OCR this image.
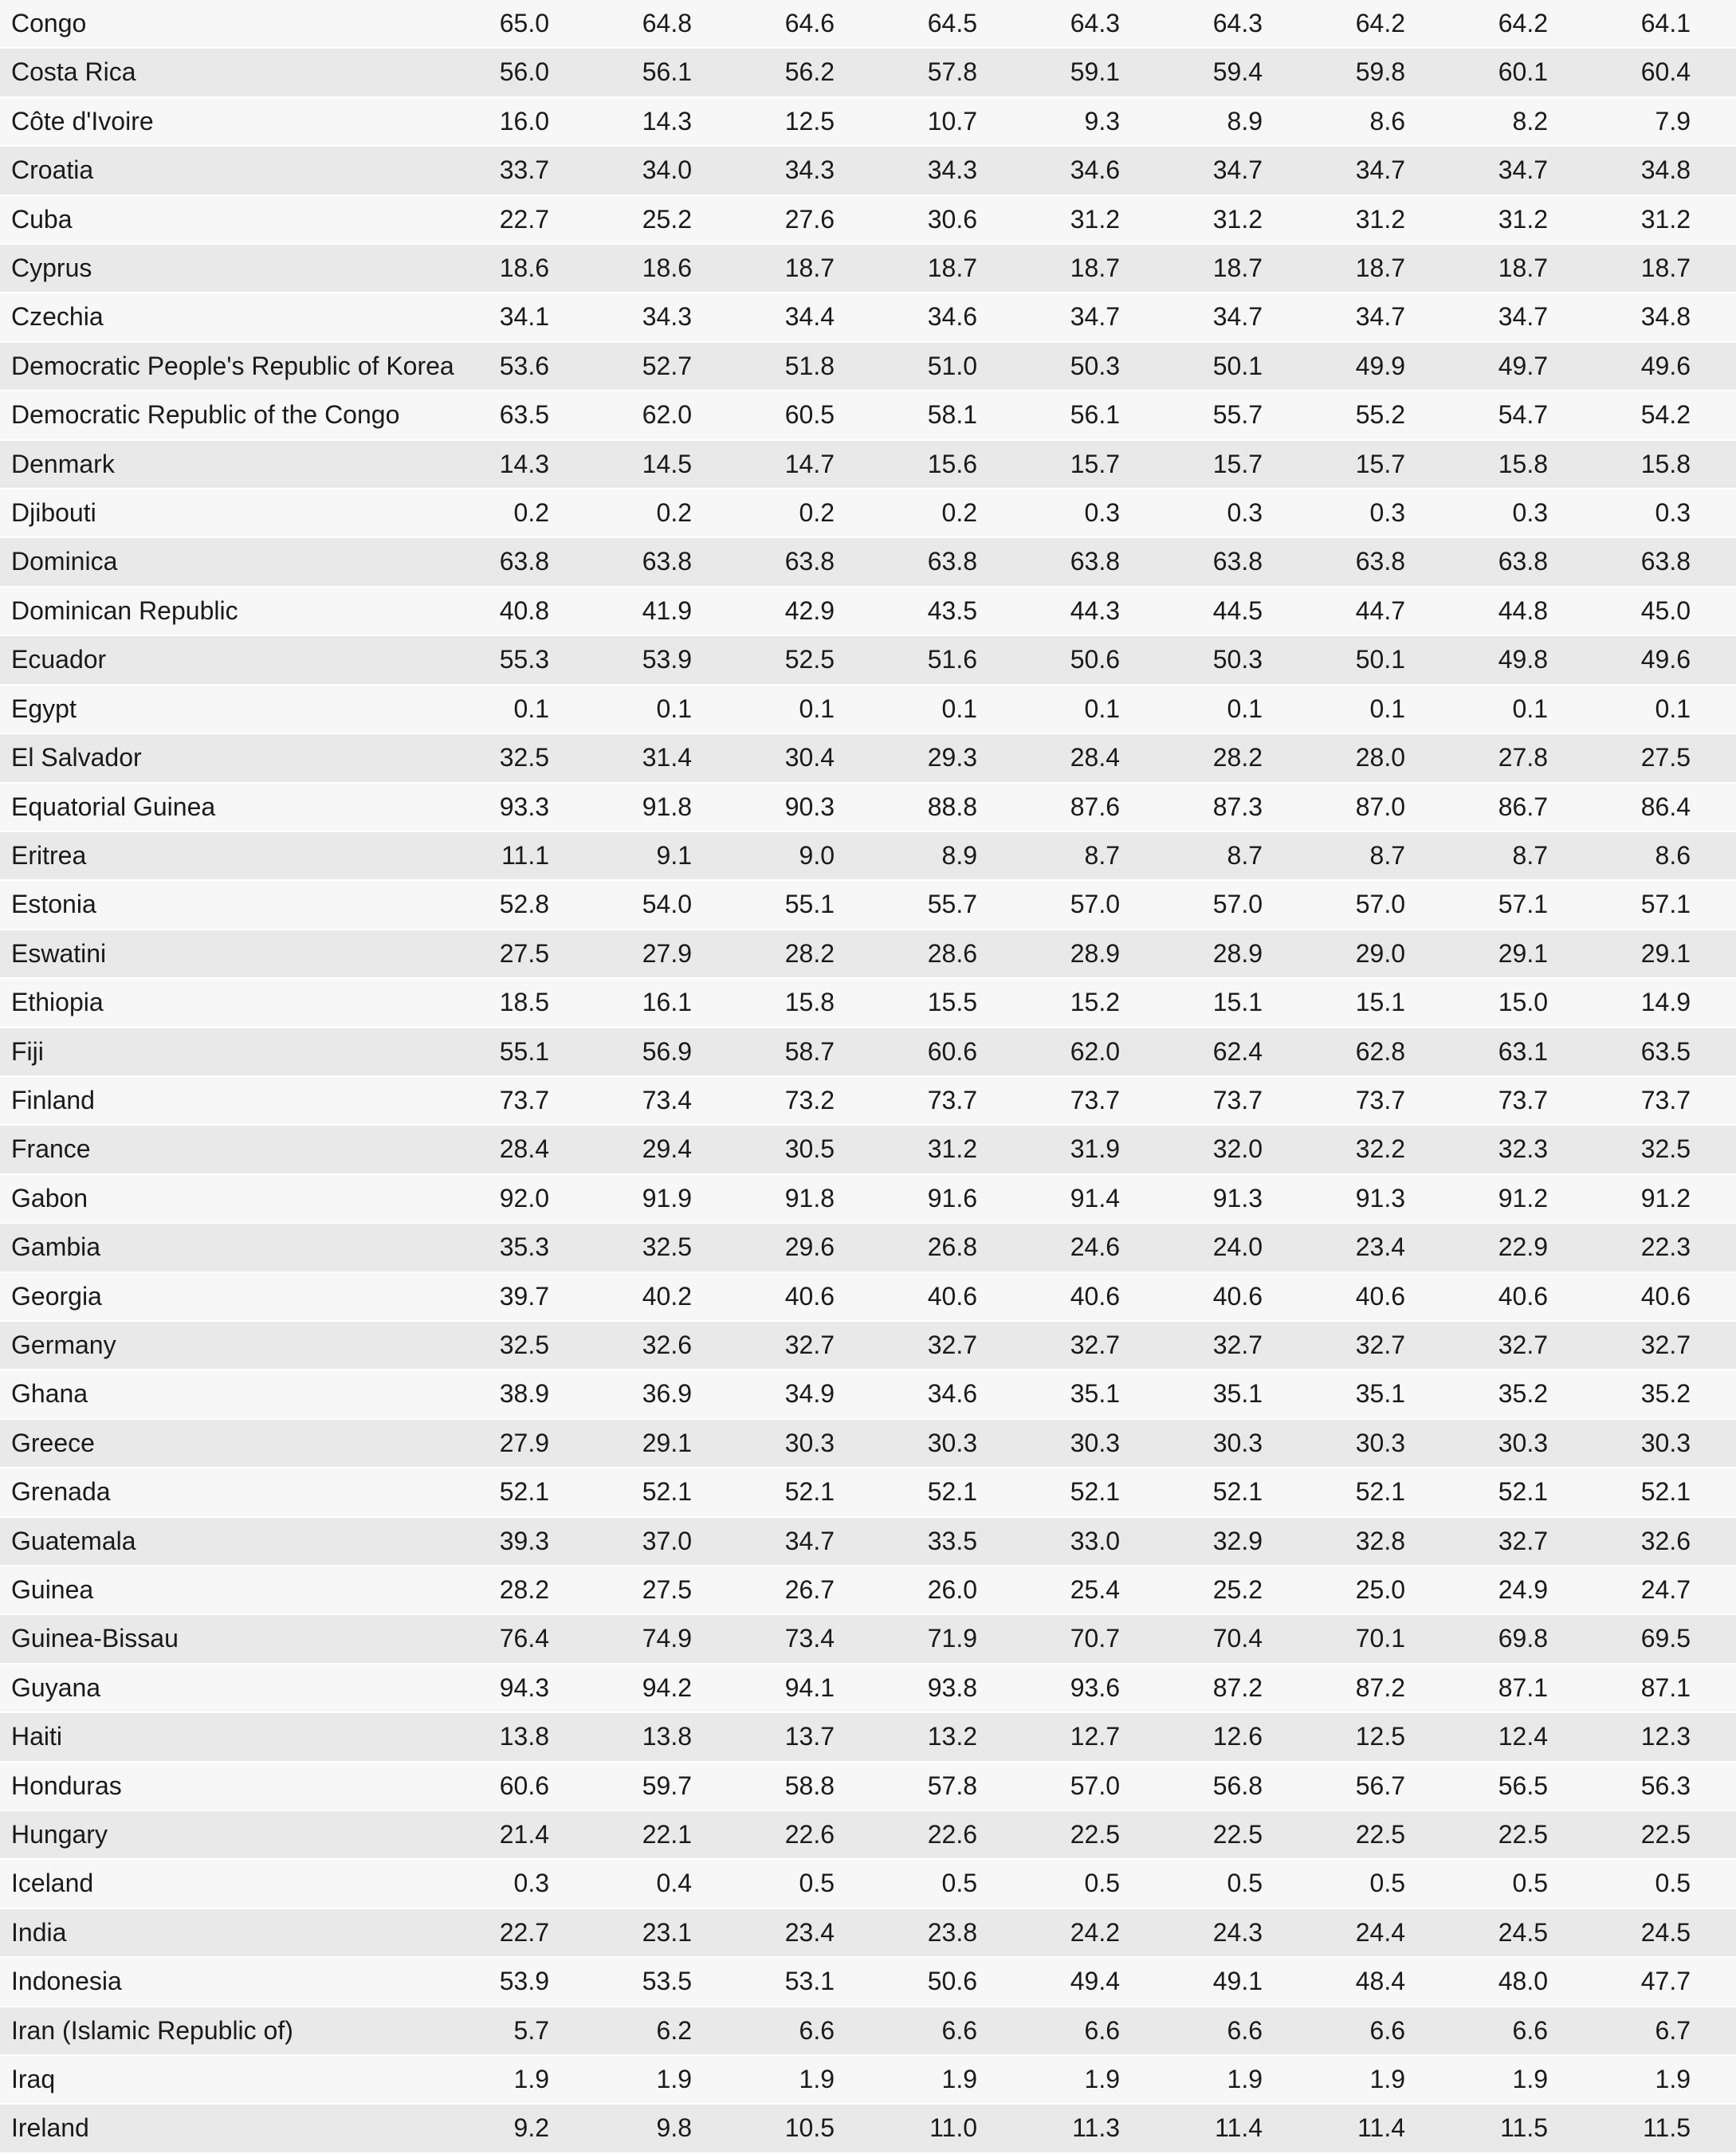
Congo	65.0	64.8	64.6	64.5	64.3	64.3	64.2	64.2	64.1	
Costa Rica	56.0	56.1	56.2	57.8	59.1	59.4	59.8	60.1	60.4	
Côte d'Ivoire	16.0	14.3	12.5	10.7	9.3	8.9	8.6	8.2	7.9	
Croatia	33.7	34.0	34.3	34.3	34.6	34.7	34.7	34.7	34.8	
Cuba	22.7	25.2	27.6	30.6	31.2	31.2	31.2	31.2	31.2	
Cyprus	18.6	18.6	18.7	18.7	18.7	18.7	18.7	18.7	18.7	
Czechia	34.1	34.3	34.4	34.6	34.7	34.7	34.7	34.7	34.8	
Democratic People's Republic of Korea	53.6	52.7	51.8	51.0	50.3	50.1	49.9	49.7	49.6	
Democratic Republic of the Congo	63.5	62.0	60.5	58.1	56.1	55.7	55.2	54.7	54.2	
Denmark	14.3	14.5	14.7	15.6	15.7	15.7	15.7	15.8	15.8	
Djibouti	0.2	0.2	0.2	0.2	0.3	0.3	0.3	0.3	0.3	
Dominica	63.8	63.8	63.8	63.8	63.8	63.8	63.8	63.8	63.8	
Dominican Republic	40.8	41.9	42.9	43.5	44.3	44.5	44.7	44.8	45.0	
Ecuador	55.3	53.9	52.5	51.6	50.6	50.3	50.1	49.8	49.6	
Egypt	0.1	0.1	0.1	0.1	0.1	0.1	0.1	0.1	0.1	
El Salvador	32.5	31.4	30.4	29.3	28.4	28.2	28.0	27.8	27.5	
Equatorial Guinea	93.3	91.8	90.3	88.8	87.6	87.3	87.0	86.7	86.4	
Eritrea	11.1	9.1	9.0	8.9	8.7	8.7	8.7	8.7	8.6	
Estonia	52.8	54.0	55.1	55.7	57.0	57.0	57.0	57.1	57.1	
Eswatini	27.5	27.9	28.2	28.6	28.9	28.9	29.0	29.1	29.1	
Ethiopia	18.5	16.1	15.8	15.5	15.2	15.1	15.1	15.0	14.9	
Fiji	55.1	56.9	58.7	60.6	62.0	62.4	62.8	63.1	63.5	
Finland	73.7	73.4	73.2	73.7	73.7	73.7	73.7	73.7	73.7	
France	28.4	29.4	30.5	31.2	31.9	32.0	32.2	32.3	32.5	
Gabon	92.0	91.9	91.8	91.6	91.4	91.3	91.3	91.2	91.2	
Gambia	35.3	32.5	29.6	26.8	24.6	24.0	23.4	22.9	22.3	
Georgia	39.7	40.2	40.6	40.6	40.6	40.6	40.6	40.6	40.6	
Germany	32.5	32.6	32.7	32.7	32.7	32.7	32.7	32.7	32.7	
Ghana	38.9	36.9	34.9	34.6	35.1	35.1	35.1	35.2	35.2	
Greece	27.9	29.1	30.3	30.3	30.3	30.3	30.3	30.3	30.3	
Grenada	52.1	52.1	52.1	52.1	52.1	52.1	52.1	52.1	52.1	
Guatemala	39.3	37.0	34.7	33.5	33.0	32.9	32.8	32.7	32.6	
Guinea	28.2	27.5	26.7	26.0	25.4	25.2	25.0	24.9	24.7	
Guinea-Bissau	76.4	74.9	73.4	71.9	70.7	70.4	70.1	69.8	69.5	
Guyana	94.3	94.2	94.1	93.8	93.6	87.2	87.2	87.1	87.1	
Haiti	13.8	13.8	13.7	13.2	12.7	12.6	12.5	12.4	12.3	
Honduras	60.6	59.7	58.8	57.8	57.0	56.8	56.7	56.5	56.3	
Hungary	21.4	22.1	22.6	22.6	22.5	22.5	22.5	22.5	22.5	
Iceland	0.3	0.4	0.5	0.5	0.5	0.5	0.5	0.5	0.5	
India	22.7	23.1	23.4	23.8	24.2	24.3	24.4	24.5	24.5	
Indonesia	53.9	53.5	53.1	50.6	49.4	49.1	48.4	48.0	47.7	
Iran (Islamic Republic of)	5.7	6.2	6.6	6.6	6.6	6.6	6.6	6.6	6.7	
Iraq	1.9	1.9	1.9	1.9	1.9	1.9	1.9	1.9	1.9	
Ireland	9.2	9.8	10.5	11.0	11.3	11.4	11.4	11.5	11.5	
